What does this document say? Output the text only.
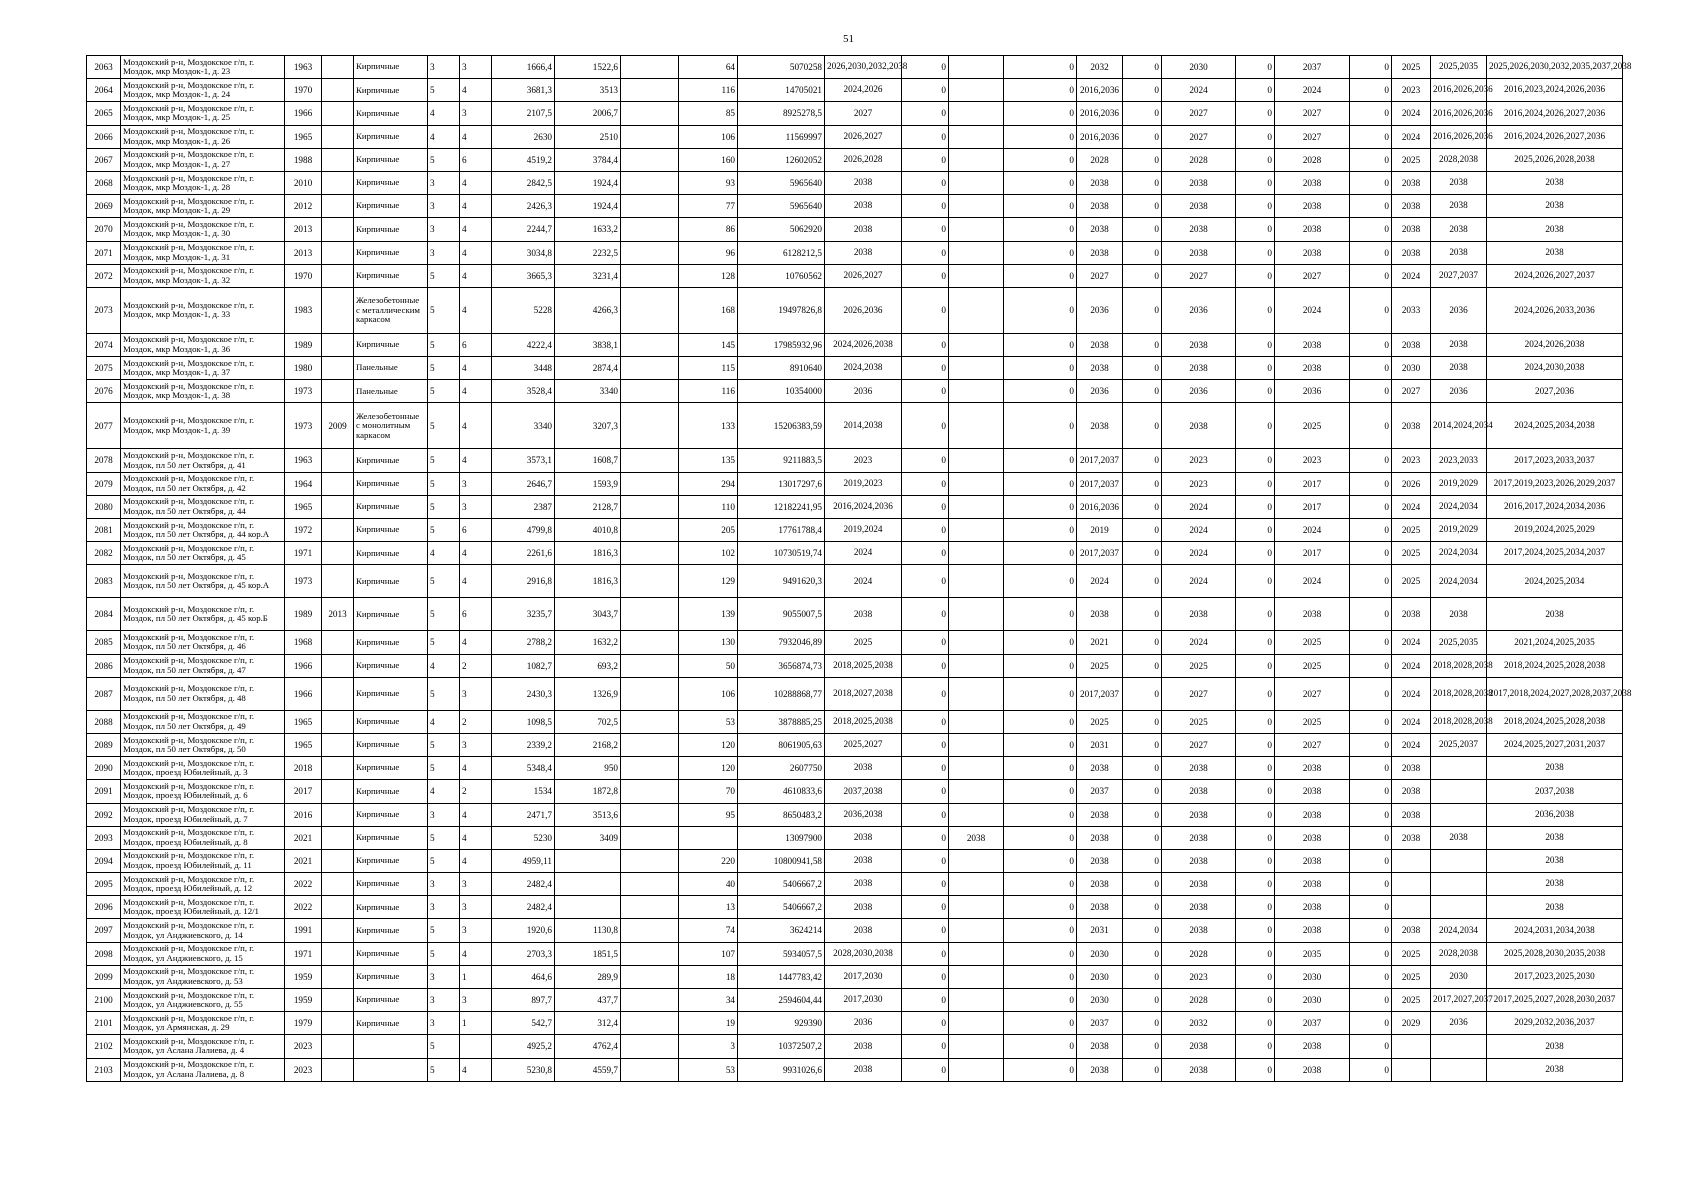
51
2063	Моздокский р-н, Моздокское г/п, г. Моздок, мкр Моздок-1, д. 23	1963		Кирпичные	3	3	1666,4	1522,6		64	5070258	2026,2030,2032,2038	0		0	2032	0	2030	0	2037	0	2025	2025,2035	2025,2026,2030,2032,2035,2037,2038
2064	Моздокский р-н, Моздокское г/п, г. Моздок, мкр Моздок-1, д. 24	1970		Кирпичные	5	4	3681,3	3513		116	14705021	2024,2026	0		0	2016,2036	0	2024	0	2024	0	2023	2016,2026,2036	2016,2023,2024,2026,2036
2065	Моздокский р-н, Моздокское г/п, г. Моздок, мкр Моздок-1, д. 25	1966		Кирпичные	4	3	2107,5	2006,7		85	8925278,5	2027	0		0	2016,2036	0	2027	0	2027	0	2024	2016,2026,2036	2016,2024,2026,2027,2036
2066	Моздокский р-н, Моздокское г/п, г. Моздок, мкр Моздок-1, д. 26	1965		Кирпичные	4	4	2630	2510		106	11569997	2026,2027	0		0	2016,2036	0	2027	0	2027	0	2024	2016,2026,2036	2016,2024,2026,2027,2036
2067	Моздокский р-н, Моздокское г/п, г. Моздок, мкр Моздок-1, д. 27	1988		Кирпичные	5	6	4519,2	3784,4		160	12602052	2026,2028	0		0	2028	0	2028	0	2028	0	2025	2028,2038	2025,2026,2028,2038
2068	Моздокский р-н, Моздокское г/п, г. Моздок, мкр Моздок-1, д. 28	2010		Кирпичные	3	4	2842,5	1924,4		93	5965640	2038	0		0	2038	0	2038	0	2038	0	2038	2038	2038
2069	Моздокский р-н, Моздокское г/п, г. Моздок, мкр Моздок-1, д. 29	2012		Кирпичные	3	4	2426,3	1924,4		77	5965640	2038	0		0	2038	0	2038	0	2038	0	2038	2038	2038
2070	Моздокский р-н, Моздокское г/п, г. Моздок, мкр Моздок-1, д. 30	2013		Кирпичные	3	4	2244,7	1633,2		86	5062920	2038	0		0	2038	0	2038	0	2038	0	2038	2038	2038
2071	Моздокский р-н, Моздокское г/п, г. Моздок, мкр Моздок-1, д. 31	2013		Кирпичные	3	4	3034,8	2232,5		96	6128212,5	2038	0		0	2038	0	2038	0	2038	0	2038	2038	2038
2072	Моздокский р-н, Моздокское г/п, г. Моздок, мкр Моздок-1, д. 32	1970		Кирпичные	5	4	3665,3	3231,4		128	10760562	2026,2027	0		0	2027	0	2027	0	2027	0	2024	2027,2037	2024,2026,2027,2037
2073	Моздокский р-н, Моздокское г/п, г. Моздок, мкр Моздок-1, д. 33	1983		Железобетонные с металлическим каркасом	5	4	5228	4266,3		168	19497826,8	2026,2036	0		0	2036	0	2036	0	2024	0	2033	2036	2024,2026,2033,2036
2074	Моздокский р-н, Моздокское г/п, г. Моздок, мкр Моздок-1, д. 36	1989		Кирпичные	5	6	4222,4	3838,1		145	17985932,96	2024,2026,2038	0		0	2038	0	2038	0	2038	0	2038	2038	2024,2026,2038
2075	Моздокский р-н, Моздокское г/п, г. Моздок, мкр Моздок-1, д. 37	1980		Панельные	5	4	3448	2874,4		115	8910640	2024,2038	0		0	2038	0	2038	0	2038	0	2030	2038	2024,2030,2038
2076	Моздокский р-н, Моздокское г/п, г. Моздок, мкр Моздок-1, д. 38	1973		Панельные	5	4	3528,4	3340		116	10354000	2036	0		0	2036	0	2036	0	2036	0	2027	2036	2027,2036
2077	Моздокский р-н, Моздокское г/п, г. Моздок, мкр Моздок-1, д. 39	1973	2009	Железобетонные с монолитным каркасом	5	4	3340	3207,3		133	15206383,59	2014,2038	0		0	2038	0	2038	0	2025	0	2038	2014,2024,2034	2024,2025,2034,2038
2078	Моздокский р-н, Моздокское г/п, г. Моздок, пл 50 лет Октября, д. 41	1963		Кирпичные	5	4	3573,1	1608,7		135	9211883,5	2023	0		0	2017,2037	0	2023	0	2023	0	2023	2023,2033	2017,2023,2033,2037
2079	Моздокский р-н, Моздокское г/п, г. Моздок, пл 50 лет Октября, д. 42	1964		Кирпичные	5	3	2646,7	1593,9		294	13017297,6	2019,2023	0		0	2017,2037	0	2023	0	2017	0	2026	2019,2029	2017,2019,2023,2026,2029,2037
2080	Моздокский р-н, Моздокское г/п, г. Моздок, пл 50 лет Октября, д. 44	1965		Кирпичные	5	3	2387	2128,7		110	12182241,95	2016,2024,2036	0		0	2016,2036	0	2024	0	2017	0	2024	2024,2034	2016,2017,2024,2034,2036
2081	Моздокский р-н, Моздокское г/п, г. Моздок, пл 50 лет Октября, д. 44 кор.А	1972		Кирпичные	5	6	4799,8	4010,8		205	17761788,4	2019,2024	0		0	2019	0	2024	0	2024	0	2025	2019,2029	2019,2024,2025,2029
2082	Моздокский р-н, Моздокское г/п, г. Моздок, пл 50 лет Октября, д. 45	1971		Кирпичные	4	4	2261,6	1816,3		102	10730519,74	2024	0		0	2017,2037	0	2024	0	2017	0	2025	2024,2034	2017,2024,2025,2034,2037
2083	Моздокский р-н, Моздокское г/п, г. Моздок, пл 50 лет Октября, д. 45 кор.А	1973		Кирпичные	5	4	2916,8	1816,3		129	9491620,3	2024	0		0	2024	0	2024	0	2024	0	2025	2024,2034	2024,2025,2034
2084	Моздокский р-н, Моздокское г/п, г. Моздок, пл 50 лет Октября, д. 45 кор.Б	1989	2013	Кирпичные	5	6	3235,7	3043,7		139	9055007,5	2038	0		0	2038	0	2038	0	2038	0	2038	2038	2038
2085	Моздокский р-н, Моздокское г/п, г. Моздок, пл 50 лет Октября, д. 46	1968		Кирпичные	5	4	2788,2	1632,2		130	7932046,89	2025	0		0	2021	0	2024	0	2025	0	2024	2025,2035	2021,2024,2025,2035
2086	Моздокский р-н, Моздокское г/п, г. Моздок, пл 50 лет Октября, д. 47	1966		Кирпичные	4	2	1082,7	693,2		50	3656874,73	2018,2025,2038	0		0	2025	0	2025	0	2025	0	2024	2018,2028,2038	2018,2024,2025,2028,2038
2087	Моздокский р-н, Моздокское г/п, г. Моздок, пл 50 лет Октября, д. 48	1966		Кирпичные	5	3	2430,3	1326,9		106	10288868,77	2018,2027,2038	0		0	2017,2037	0	2027	0	2027	0	2024	2018,2028,2038	2017,2018,2024,2027,2028,2037,2038
2088	Моздокский р-н, Моздокское г/п, г. Моздок, пл 50 лет Октября, д. 49	1965		Кирпичные	4	2	1098,5	702,5		53	3878885,25	2018,2025,2038	0		0	2025	0	2025	0	2025	0	2024	2018,2028,2038	2018,2024,2025,2028,2038
2089	Моздокский р-н, Моздокское г/п, г. Моздок, пл 50 лет Октября, д. 50	1965		Кирпичные	5	3	2339,2	2168,2		120	8061905,63	2025,2027	0		0	2031	0	2027	0	2027	0	2024	2025,2037	2024,2025,2027,2031,2037
2090	Моздокский р-н, Моздокское г/п, г. Моздок, проезд Юбилейный, д. 3	2018		Кирпичные	5	4	5348,4	950		120	2607750	2038	0		0	2038	0	2038	0	2038	0	2038		2038
2091	Моздокский р-н, Моздокское г/п, г. Моздок, проезд Юбилейный, д. 6	2017		Кирпичные	4	2	1534	1872,8		70	4610833,6	2037,2038	0		0	2037	0	2038	0	2038	0	2038		2037,2038
2092	Моздокский р-н, Моздокское г/п, г. Моздок, проезд Юбилейный, д. 7	2016		Кирпичные	3	4	2471,7	3513,6		95	8650483,2	2036,2038	0		0	2038	0	2038	0	2038	0	2038		2036,2038
2093	Моздокский р-н, Моздокское г/п, г. Моздок, проезд Юбилейный, д. 8	2021		Кирпичные	5	4	5230	3409			13097900	2038	0	2038	0	2038	0	2038	0	2038	0	2038	2038	2038
2094	Моздокский р-н, Моздокское г/п, г. Моздок, проезд Юбилейный, д. 11	2021		Кирпичные	5	4	4959,11			220	10800941,58	2038	0		0	2038	0	2038	0	2038	0			2038
2095	Моздокский р-н, Моздокское г/п, г. Моздок, проезд Юбилейный, д. 12	2022		Кирпичные	3	3	2482,4			40	5406667,2	2038	0		0	2038	0	2038	0	2038	0			2038
2096	Моздокский р-н, Моздокское г/п, г. Моздок, проезд Юбилейный, д. 12/1	2022		Кирпичные	3	3	2482,4			13	5406667,2	2038	0		0	2038	0	2038	0	2038	0			2038
2097	Моздокский р-н, Моздокское г/п, г. Моздок, ул Анджиевского, д. 14	1991		Кирпичные	5	3	1920,6	1130,8		74	3624214	2038	0		0	2031	0	2038	0	2038	0	2038	2024,2034	2024,2031,2034,2038
2098	Моздокский р-н, Моздокское г/п, г. Моздок, ул Анджиевского, д. 15	1971		Кирпичные	5	4	2703,3	1851,5		107	5934057,5	2028,2030,2038	0		0	2030	0	2028	0	2035	0	2025	2028,2038	2025,2028,2030,2035,2038
2099	Моздокский р-н, Моздокское г/п, г. Моздок, ул Анджиевского, д. 53	1959		Кирпичные	3	1	464,6	289,9		18	1447783,42	2017,2030	0		0	2030	0	2023	0	2030	0	2025	2030	2017,2023,2025,2030
2100	Моздокский р-н, Моздокское г/п, г. Моздок, ул Анджиевского, д. 55	1959		Кирпичные	3	3	897,7	437,7		34	2594604,44	2017,2030	0		0	2030	0	2028	0	2030	0	2025	2017,2027,2037	2017,2025,2027,2028,2030,2037
2101	Моздокский р-н, Моздокское г/п, г. Моздок, ул Армянская, д. 29	1979		Кирпичные	3	1	542,7	312,4		19	929390	2036	0		0	2037	0	2032	0	2037	0	2029	2036	2029,2032,2036,2037
2102	Моздокский р-н, Моздокское г/п, г. Моздок, ул Аслана Лалиева, д. 4	2023			5		4925,2	4762,4		3	10372507,2	2038	0		0	2038	0	2038	0	2038	0			2038
2103	Моздокский р-н, Моздокское г/п, г. Моздок, ул Аслана Лалиева, д. 8	2023			5	4	5230,8	4559,7		53	9931026,6	2038	0		0	2038	0	2038	0	2038	0			2038
